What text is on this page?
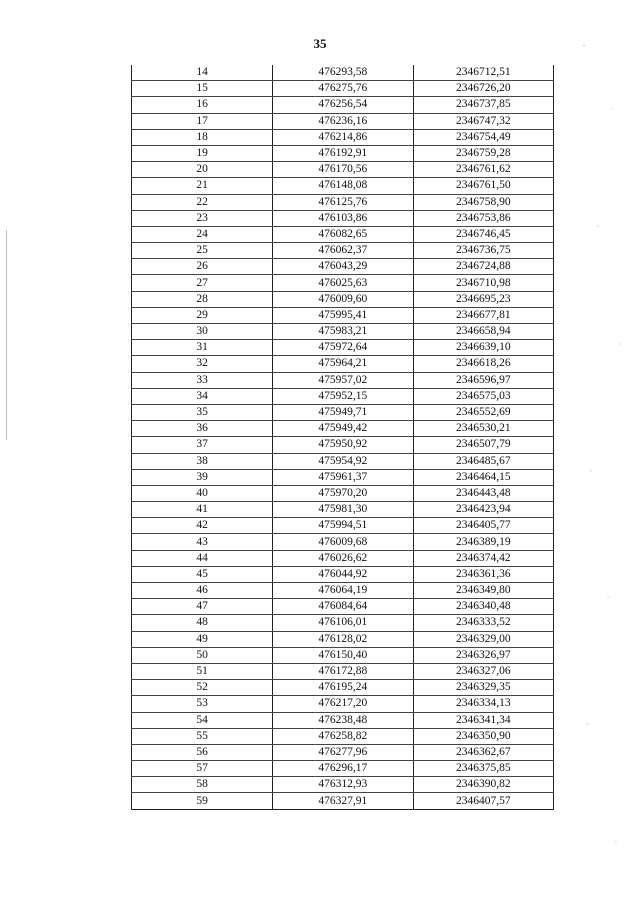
35
14	476293,58	2346712,51
15	476275,76	2346726,20
16	476256,54	2346737,85
17	476236,16	2346747,32
18	476214,86	2346754,49
19	476192,91	2346759,28
20	476170,56	2346761,62
21	476148,08	2346761,50
22	476125,76	2346758,90
23	476103,86	2346753,86
24	476082,65	2346746,45
25	476062,37	2346736,75
26	476043,29	2346724,88
27	476025,63	2346710,98
28	476009,60	2346695,23
29	475995,41	2346677,81
30	475983,21	2346658,94
31	475972,64	2346639,10
32	475964,21	2346618,26
33	475957,02	2346596,97
34	475952,15	2346575,03
35	475949,71	2346552,69
36	475949,42	2346530,21
37	475950,92	2346507,79
38	475954,92	2346485,67
39	475961,37	2346464,15
40	475970,20	2346443,48
41	475981,30	2346423,94
42	475994,51	2346405,77
43	476009,68	2346389,19
44	476026,62	2346374,42
45	476044,92	2346361,36
46	476064,19	2346349,80
47	476084,64	2346340,48
48	476106,01	2346333,52
49	476128,02	2346329,00
50	476150,40	2346326,97
51	476172,88	2346327,06
52	476195,24	2346329,35
53	476217,20	2346334,13
54	476238,48	2346341,34
55	476258,82	2346350,90
56	476277,96	2346362,67
57	476296,17	2346375,85
58	476312,93	2346390,82
59	476327,91	2346407,57
